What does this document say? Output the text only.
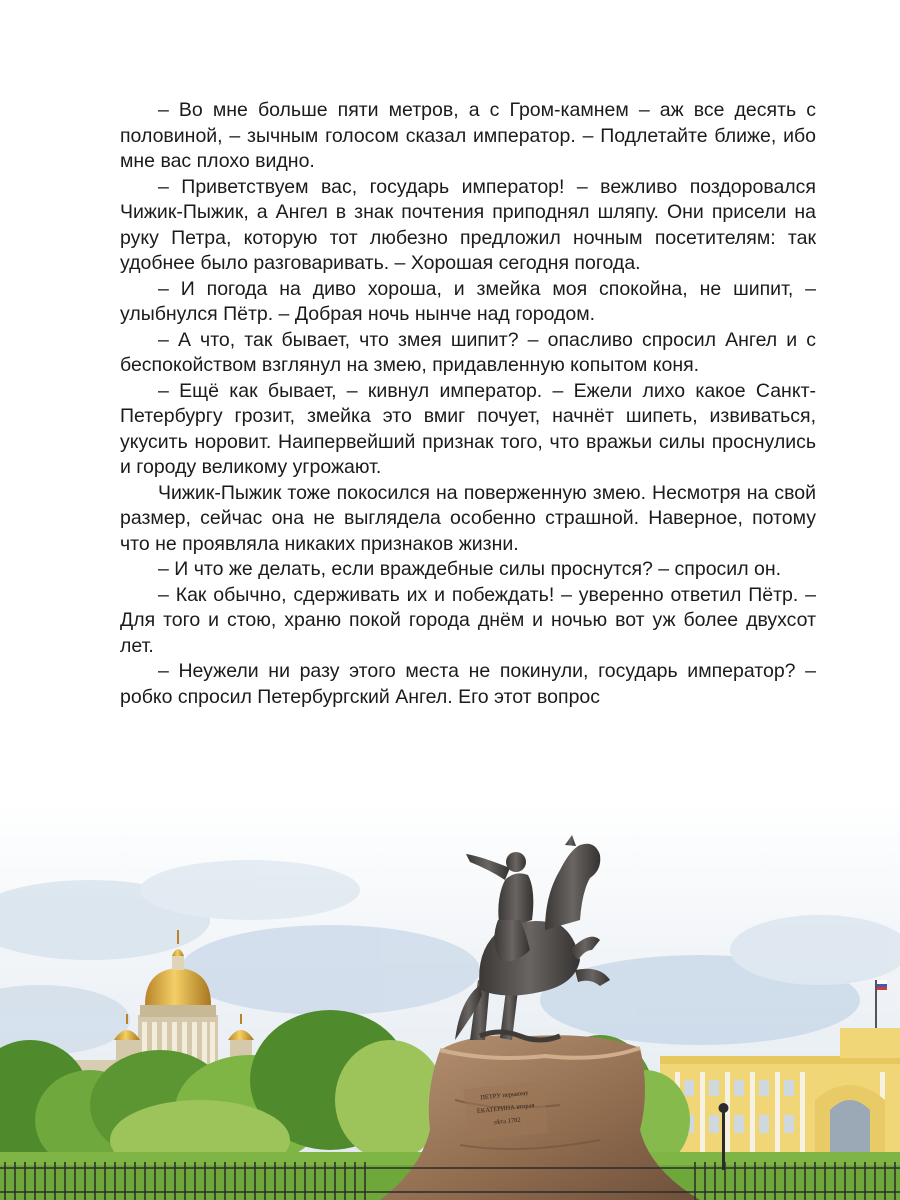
– Во мне больше пяти метров, а с Гром-камнем – аж все десять с половиной, – зычным голосом сказал император. – Подлетайте ближе, ибо мне вас плохо видно.

– Приветствуем вас, государь император! – вежливо поздоровался Чижик-Пыжик, а Ангел в знак почтения приподнял шляпу. Они присели на руку Петра, которую тот любезно предложил ночным посетителям: так удобнее было разговаривать. – Хорошая сегодня погода.

– И погода на диво хороша, и змейка моя спокойна, не шипит, – улыбнулся Пётр. – Добрая ночь нынче над городом.

– А что, так бывает, что змея шипит? – опасливо спросил Ангел и с беспокойством взглянул на змею, придавленную копытом коня.

– Ещё как бывает, – кивнул император. – Ежели лихо какое Санкт-Петербургу грозит, змейка это вмиг почует, начнёт шипеть, извиваться, укусить норовит. Наипервейший признак того, что вражьи силы проснулись и городу великому угрожают.

Чижик-Пыжик тоже покосился на поверженную змею. Несмотря на свой размер, сейчас она не выглядела особенно страшной. Наверное, потому что не проявляла никаких признаков жизни.

– И что же делать, если враждебные силы проснутся? – спросил он.

– Как обычно, сдерживать их и побеждать! – уверенно ответил Пётр. – Для того и стою, храню покой города днём и ночью вот уж более двухсот лет.

– Неужели ни разу этого места не покинули, государь император? – робко спросил Петербургский Ангел. Его этот вопрос

ПЕТРУ перьвому
ЕКАТЕРИНА вторая
лѣта 1782
